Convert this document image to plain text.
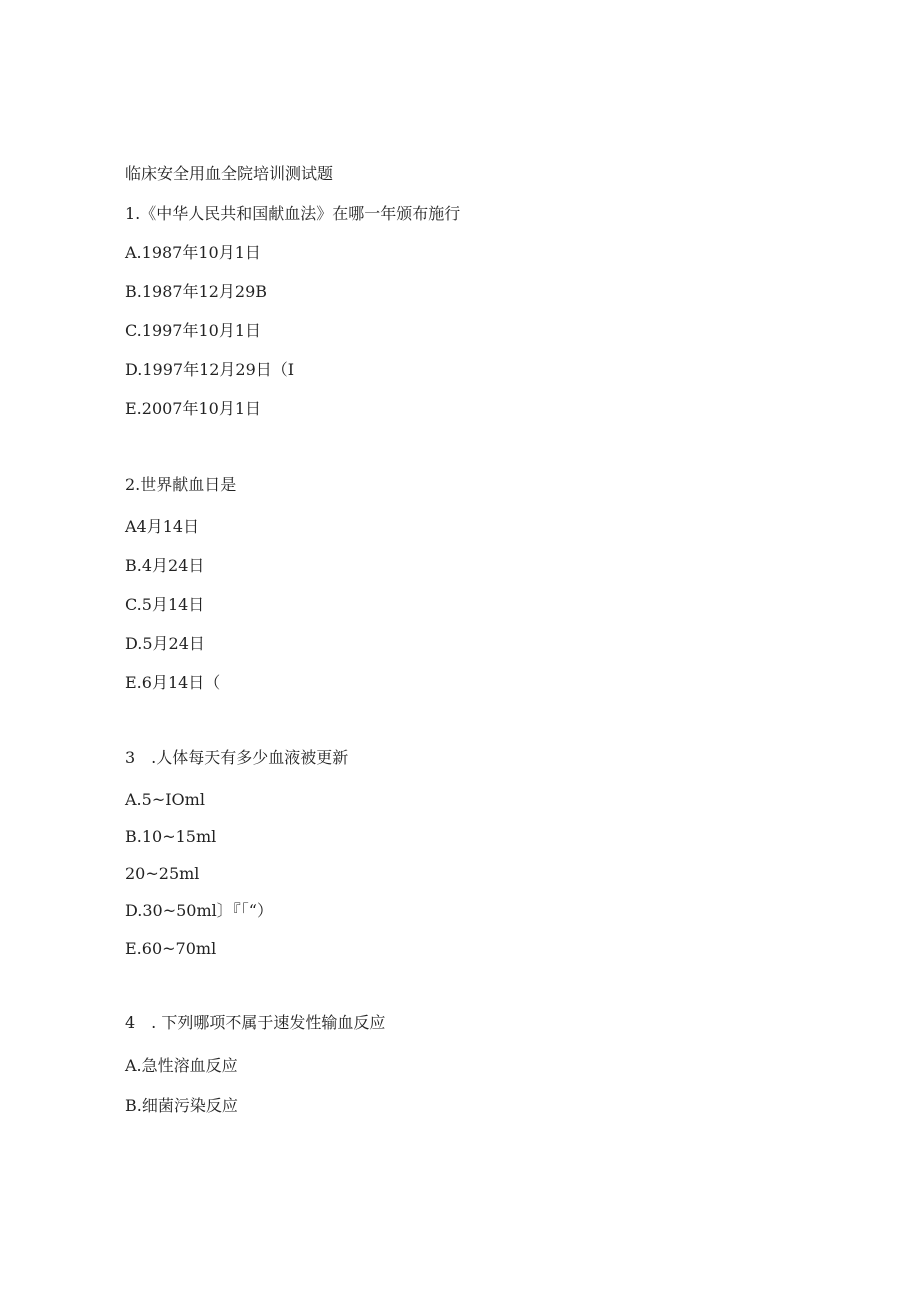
临床安全用血全院培训测试题
1.《中华人民共和国献血法》在哪一年颁布施行
A.1987年10月1日
B.1987年12月29B
C.1997年10月1日
D.1997年12月29日（I
E.2007年10月1日
2.世界献血日是
A4月14日
B.4月24日
C.5月14日
D.5月24日
E.6月14日（
3　.人体每天有多少血液被更新
A.5~IOml
B.10~15ml
20~25ml
D.30~50ml〕『「“）
E.60~70ml
4　. 下列哪项不属于速发性输血反应
A.急性溶血反应
B.细菌污染反应
